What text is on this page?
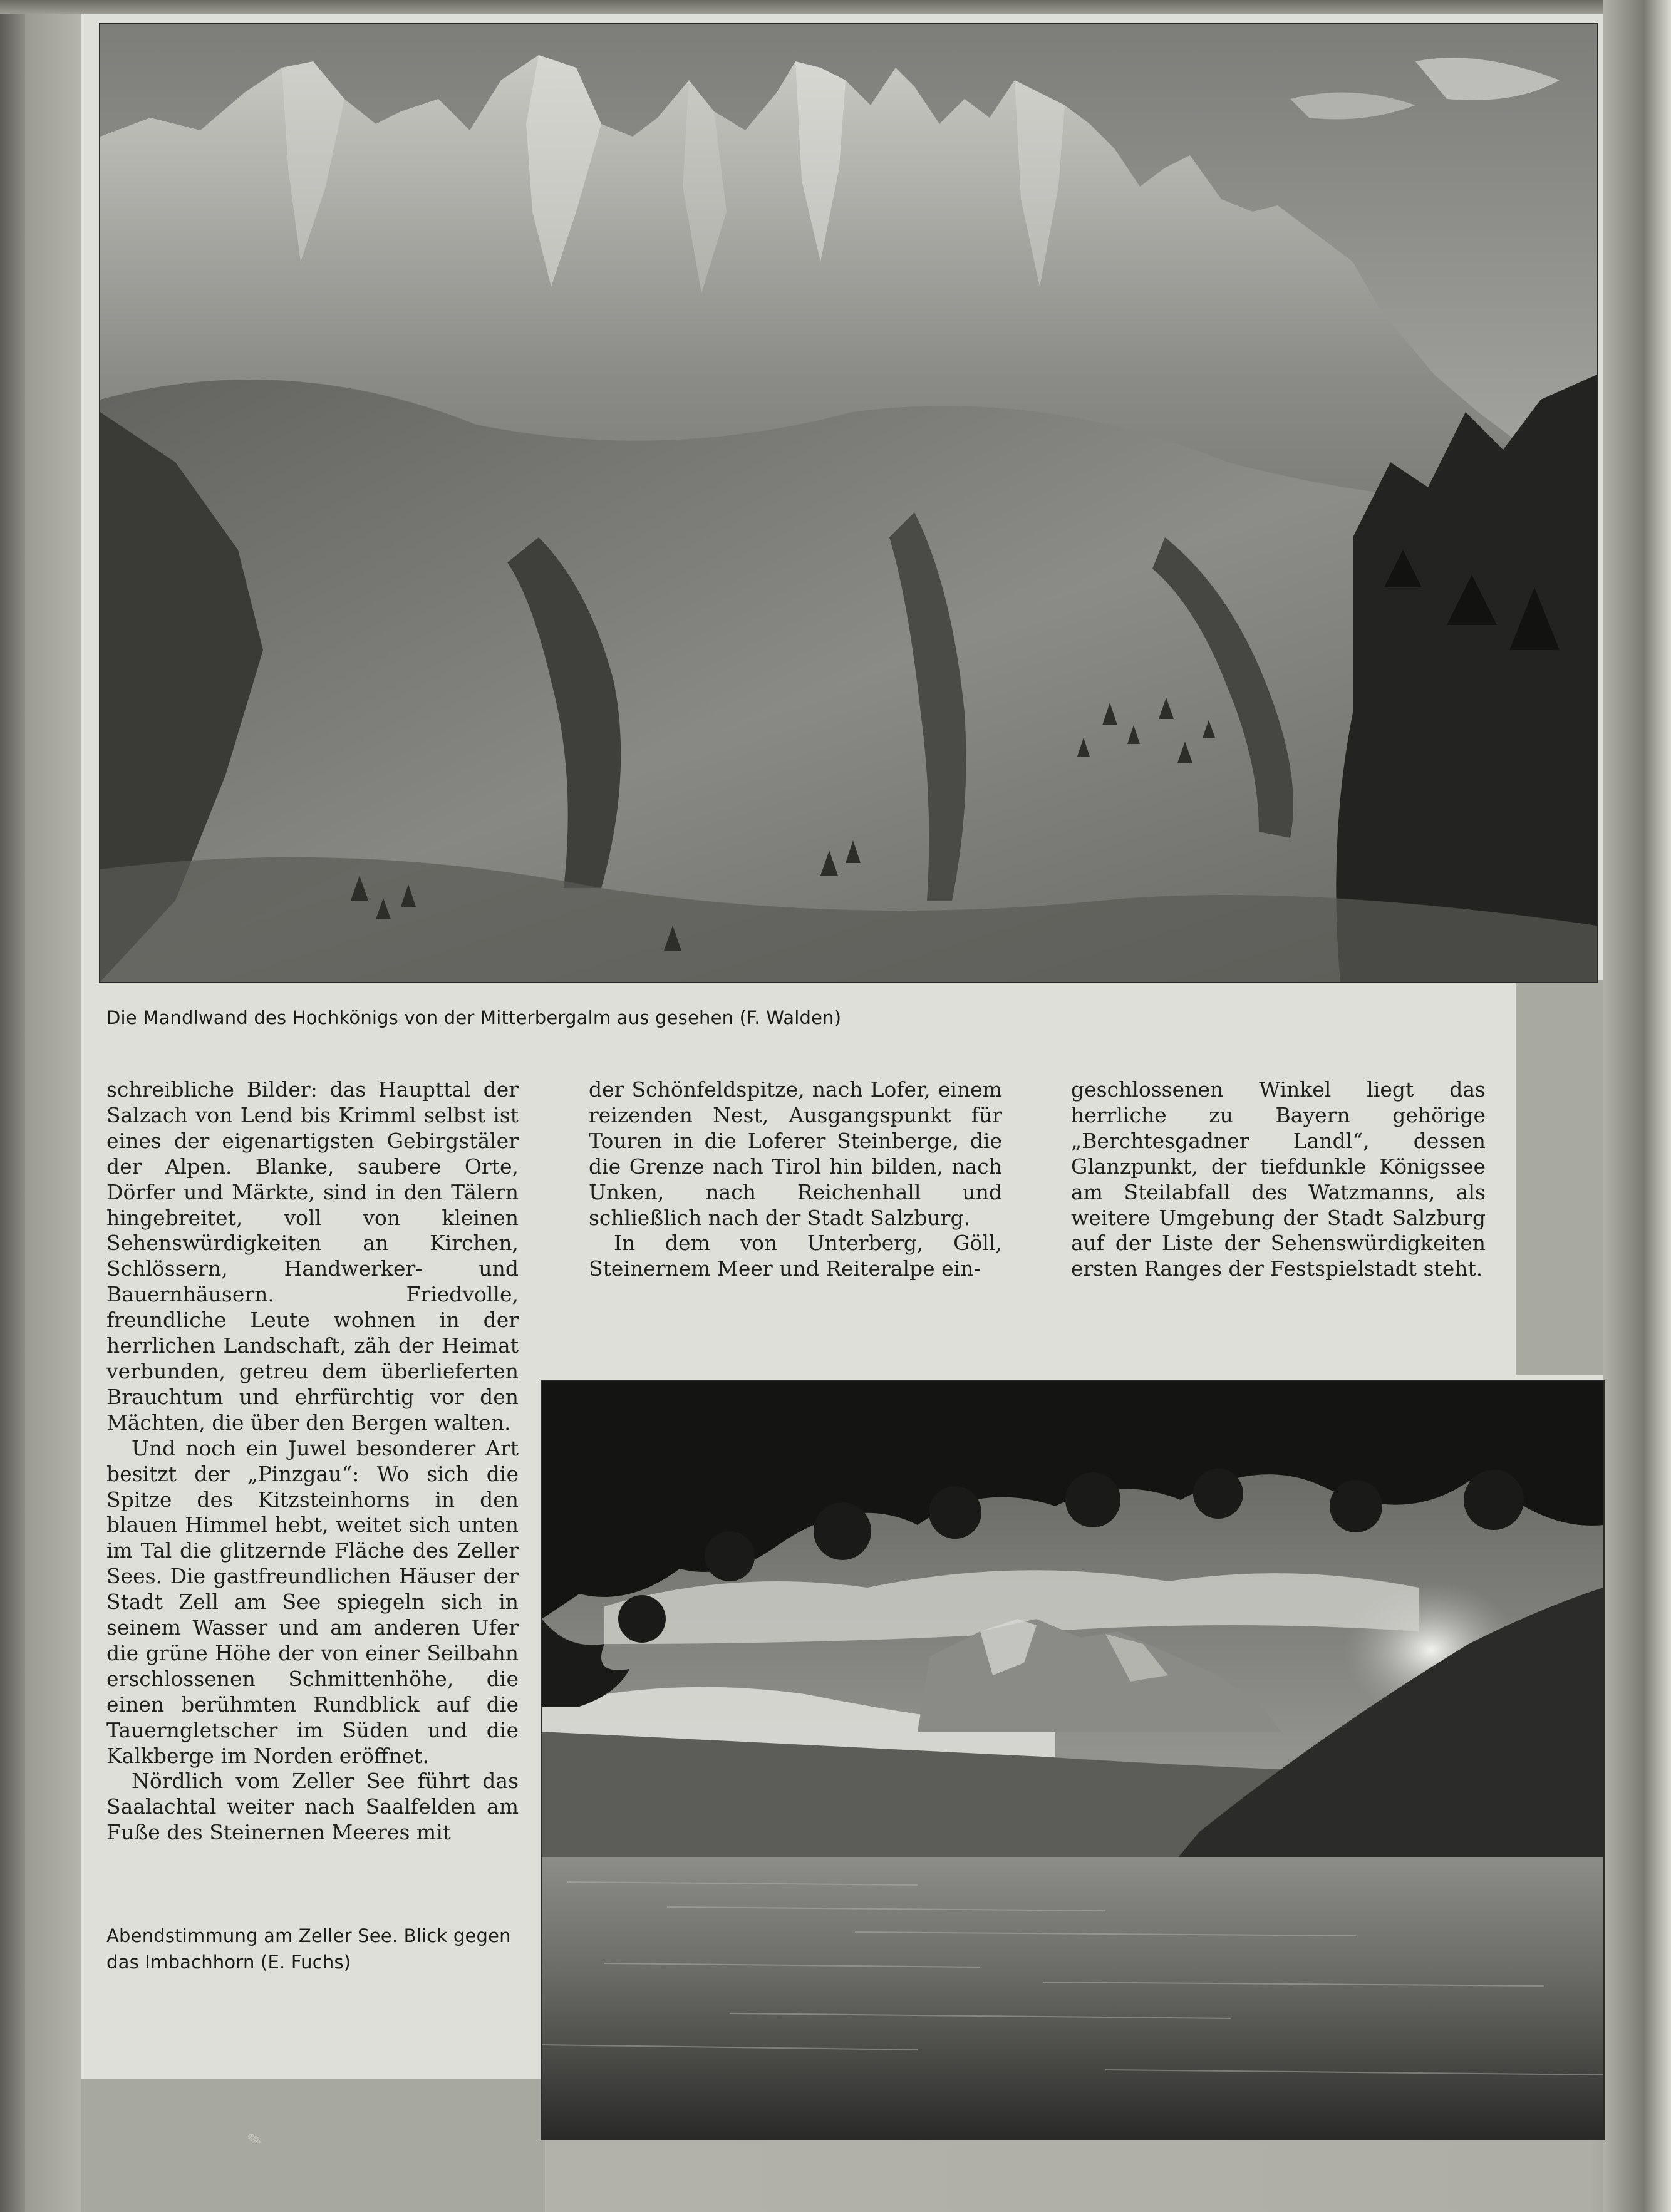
Die Mandlwand des Hochkönigs von der Mitterbergalm aus gesehen (F. Walden)

schreibliche Bilder: das Haupttal der Salzach von Lend bis Krimml selbst ist eines der eigenartigsten Gebirgstäler der Alpen. Blanke, saubere Orte, Dörfer und Märkte, sind in den Tälern hingebreitet, voll von kleinen Sehenswürdigkeiten an Kirchen, Schlössern, Handwerker- und Bauernhäusern. Friedvolle, freundliche Leute wohnen in der herrlichen Landschaft, zäh der Heimat verbunden, getreu dem überlieferten Brauchtum und ehrfürchtig vor den Mächten, die über den Bergen walten.

Und noch ein Juwel besonderer Art besitzt der „Pinzgau“: Wo sich die Spitze des Kitzsteinhorns in den blauen Himmel hebt, weitet sich unten im Tal die glitzernde Fläche des Zeller Sees. Die gastfreundlichen Häuser der Stadt Zell am See spiegeln sich in seinem Wasser und am anderen Ufer die grüne Höhe der von einer Seilbahn erschlossenen Schmittenhöhe, die einen berühmten Rundblick auf die Tauerngletscher im Süden und die Kalkberge im Norden eröffnet.

Nördlich vom Zeller See führt das Saalachtal weiter nach Saalfelden am Fuße des Steinernen Meeres mit

der Schönfeldspitze, nach Lofer, einem reizenden Nest, Ausgangspunkt für Touren in die Loferer Steinberge, die die Grenze nach Tirol hin bilden, nach Unken, nach Reichenhall und schließlich nach der Stadt Salzburg.

In dem von Unterberg, Göll, Steinernem Meer und Reiteralpe ein-

geschlossenen Winkel liegt das herrliche zu Bayern gehörige „Berchtesgadner Landl“, dessen Glanzpunkt, der tiefdunkle Königssee am Steilabfall des Watzmanns, als weitere Umgebung der Stadt Salzburg auf der Liste der Sehenswürdigkeiten ersten Ranges der Festspielstadt steht.

Abendstimmung am Zeller See. Blick gegen das Imbachhorn (E. Fuchs)
✎
